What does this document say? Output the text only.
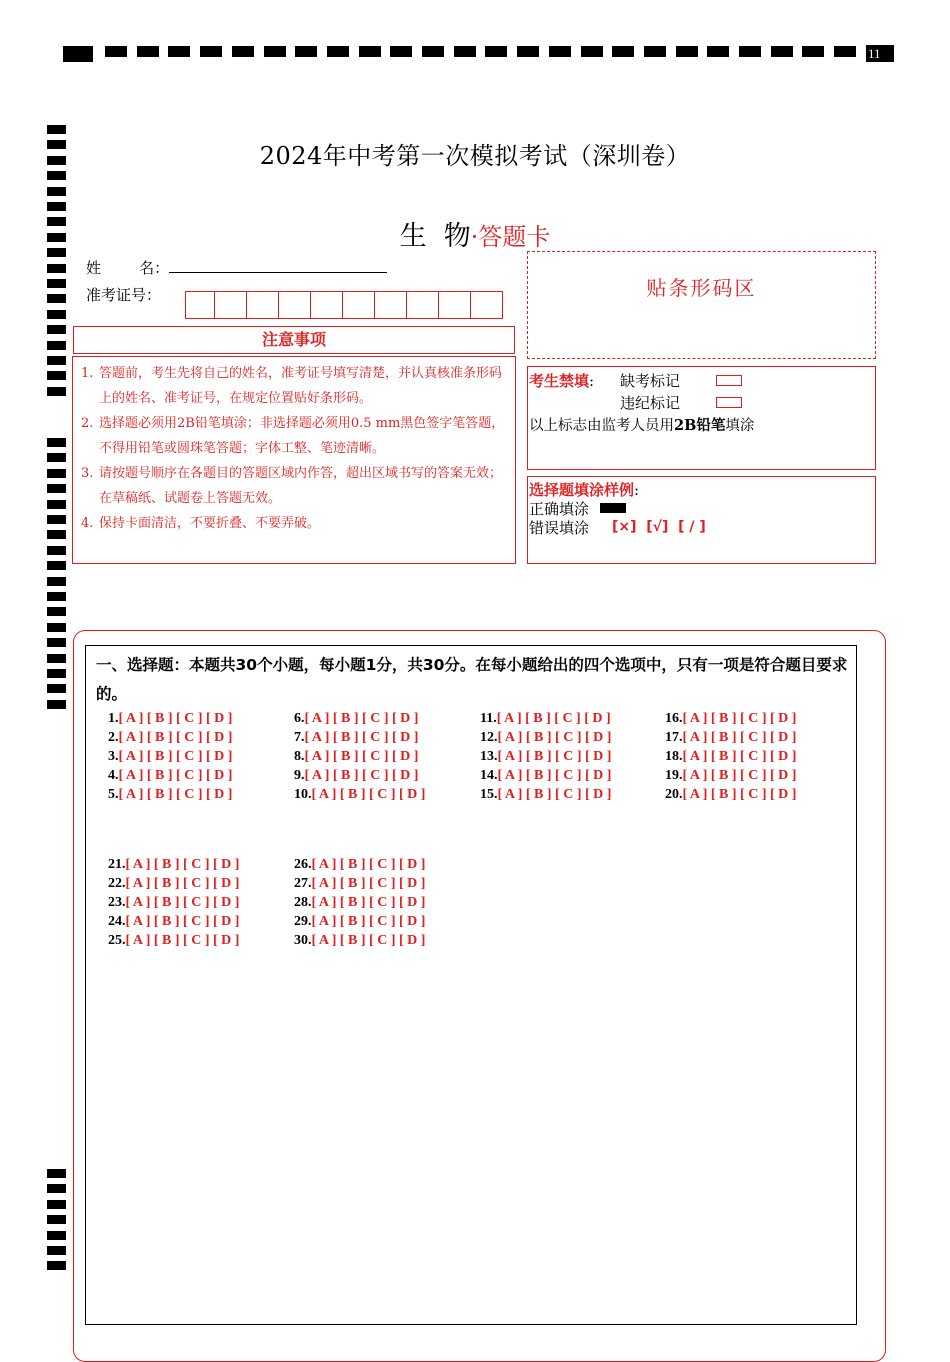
11
2024年中考第一次模拟考试（深圳卷）
生  物·答题卡
姓        名：
准考证号：	贴条形码区
注意事项
1. 答题前，考生先将自己的姓名，准考证号填写清楚，并认真核准条形码上的姓名、准考证号，在规定位置贴好条形码。
2. 选择题必须用2B铅笔填涂；非选择题必须用0.5 mm黑色签字笔答题，不得用铅笔或圆珠笔答题；字体工整、笔迹清晰。
3. 请按题号顺序在各题目的答题区域内作答，超出区域书写的答案无效；在草稿纸、试题卷上答题无效。
4. 保持卡面清洁，不要折叠、不要弄破。
考生禁填: 缺考标记
违纪标记
以上标志由监考人员用2B铅笔填涂
选择题填涂样例:
正确填涂
错误填涂 [×]  [√]  [ / ]
一、选择题：本题共30个小题，每小题1分，共30分。在每小题给出的四个选项中，只有一项是符合题目要求的。
1.[ A ] [ B ] [ C ] [ D ]
2.[ A ] [ B ] [ C ] [ D ]
3.[ A ] [ B ] [ C ] [ D ]
4.[ A ] [ B ] [ C ] [ D ]
5.[ A ] [ B ] [ C ] [ D ]
6.[ A ] [ B ] [ C ] [ D ]
7.[ A ] [ B ] [ C ] [ D ]
8.[ A ] [ B ] [ C ] [ D ]
9.[ A ] [ B ] [ C ] [ D ]
10.[ A ] [ B ] [ C ] [ D ]
11.[ A ] [ B ] [ C ] [ D ]
12.[ A ] [ B ] [ C ] [ D ]
13.[ A ] [ B ] [ C ] [ D ]
14.[ A ] [ B ] [ C ] [ D ]
15.[ A ] [ B ] [ C ] [ D ]
16.[ A ] [ B ] [ C ] [ D ]
17.[ A ] [ B ] [ C ] [ D ]
18.[ A ] [ B ] [ C ] [ D ]
19.[ A ] [ B ] [ C ] [ D ]
20.[ A ] [ B ] [ C ] [ D ]
21.[ A ] [ B ] [ C ] [ D ]
22.[ A ] [ B ] [ C ] [ D ]
23.[ A ] [ B ] [ C ] [ D ]
24.[ A ] [ B ] [ C ] [ D ]
25.[ A ] [ B ] [ C ] [ D ]
26.[ A ] [ B ] [ C ] [ D ]
27.[ A ] [ B ] [ C ] [ D ]
28.[ A ] [ B ] [ C ] [ D ]
29.[ A ] [ B ] [ C ] [ D ]
30.[ A ] [ B ] [ C ] [ D ]
